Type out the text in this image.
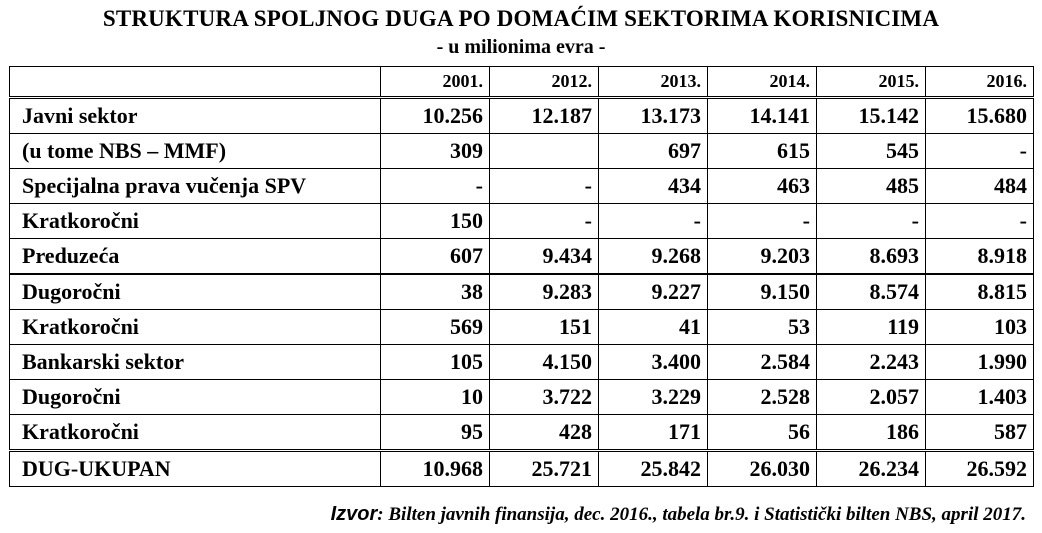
STRUKTURA SPOLJNOG DUGA PO DOMAĆIM SEKTORIMA KORISNICIMA
- u milionima evra -
	2001.	2012.	2013.	2014.	2015.	2016.
Javni sektor	10.256	12.187	13.173	14.141	15.142	15.680
(u tome NBS – MMF)	309		697	615	545	-
Specijalna prava vučenja SPV	-	-	434	463	485	484
Kratkoročni	150	-	-	-	-	-
Preduzeća	607	9.434	9.268	9.203	8.693	8.918
Dugoročni	38	9.283	9.227	9.150	8.574	8.815
Kratkoročni	569	151	41	53	119	103
Bankarski sektor	105	4.150	3.400	2.584	2.243	1.990
Dugoročni	10	3.722	3.229	2.528	2.057	1.403
Kratkoročni	95	428	171	56	186	587
DUG-UKUPAN	10.968	25.721	25.842	26.030	26.234	26.592
Izvor: Bilten javnih finansija, dec. 2016., tabela br.9. i Statistički bilten NBS, april 2017.
